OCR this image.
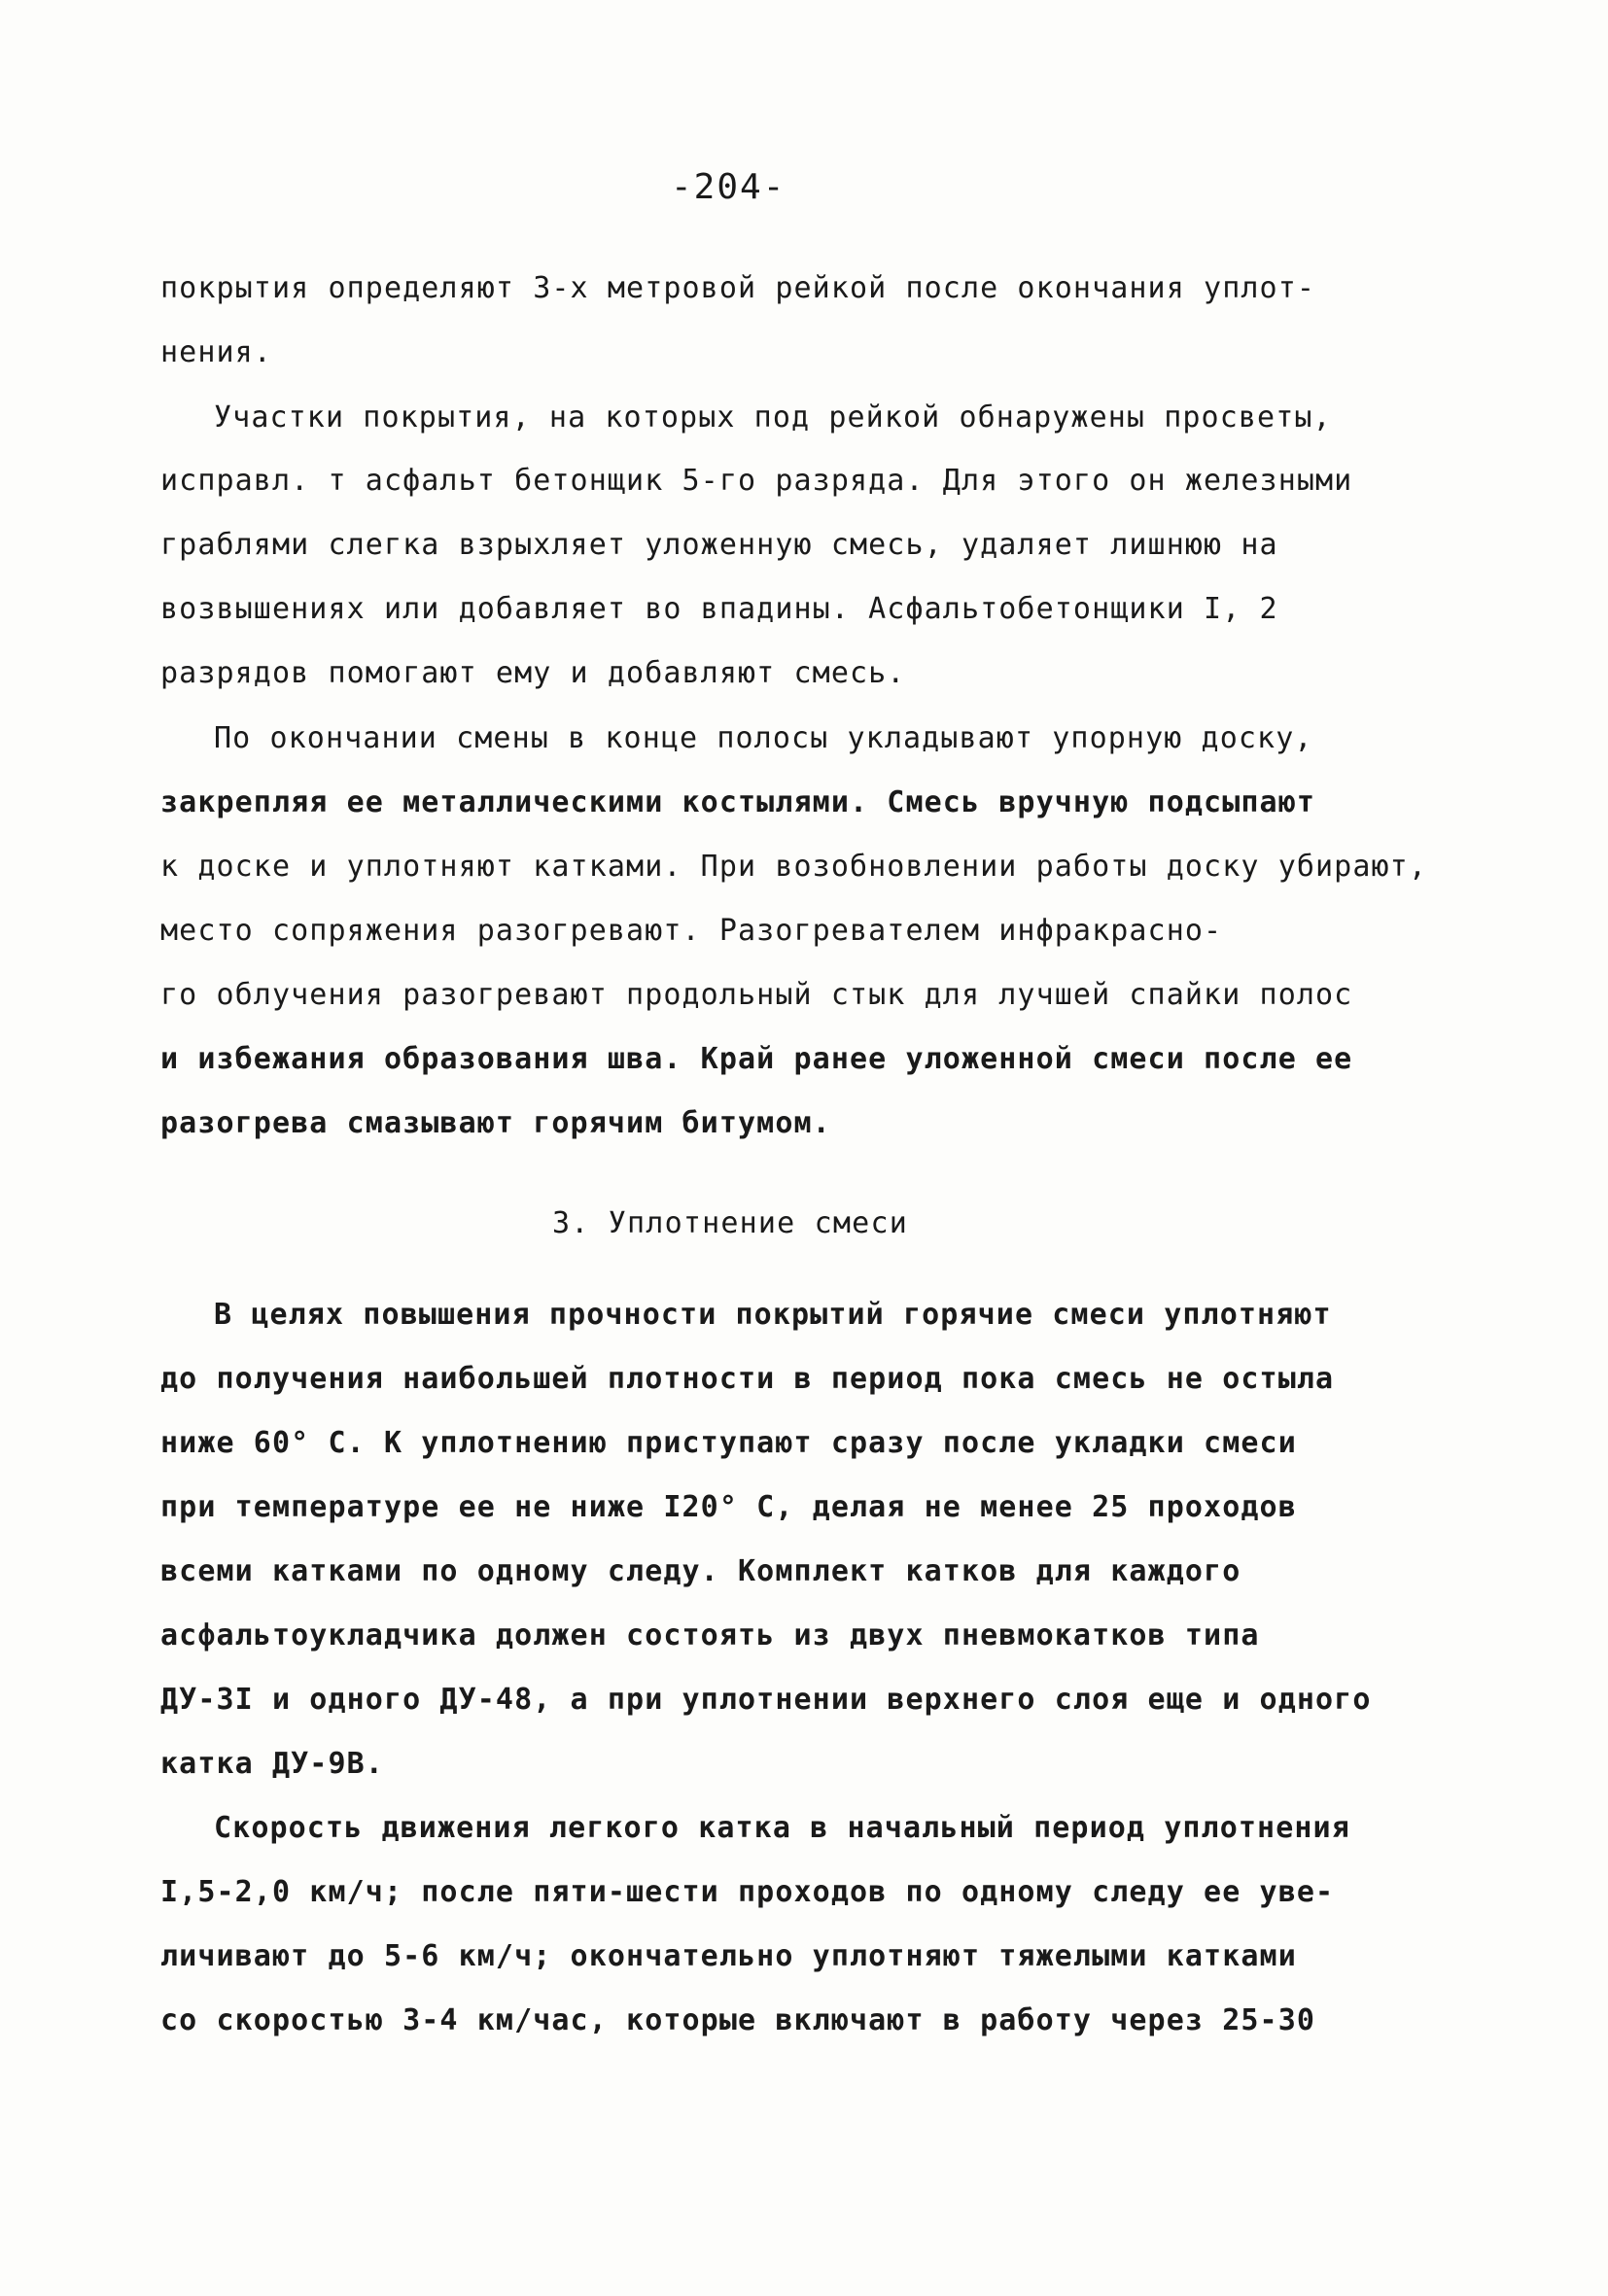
-204-
покрытия определяют 3-х метровой рейкой после окончания уплот-
нения.
Участки покрытия, на которых под рейкой обнаружены просветы,
исправл. т асфальт бетонщик 5-го разряда. Для этого он железными
граблями слегка взрыхляет уложенную смесь, удаляет лишнюю на
возвышениях или добавляет во впадины. Асфальтобетонщики I, 2
разрядов помогают ему и добавляют смесь.
По окончании смены в конце полосы укладывают упорную доску,
закрепляя ее металлическими костылями. Смесь вручную подсыпают
к доске и уплотняют катками. При возобновлении работы доску убирают,
место сопряжения разогревают. Разогревателем инфракрасно-
го облучения разогревают продольный стык для лучшей спайки полос
и избежания образования шва. Край ранее уложенной смеси после ее
разогрева смазывают горячим битумом.
3. Уплотнение смеси
В целях повышения прочности покрытий горячие смеси уплотняют
до получения наибольшей плотности в период пока смесь не остыла
ниже 60° С. К уплотнению приступают сразу после укладки смеси
при температуре ее не ниже I20° С, делая не менее 25 проходов
всеми катками по одному следу. Комплект катков для каждого
асфальтоукладчика должен состоять из двух пневмокатков типа
ДУ-3I и одного ДУ-48, а при уплотнении верхнего слоя еще и одного
катка ДУ-9В.
Скорость движения легкого катка в начальный период уплотнения
I,5-2,0 км/ч; после пяти-шести проходов по одному следу ее уве-
личивают до 5-6 км/ч; окончательно уплотняют тяжелыми катками
со скоростью 3-4 км/час, которые включают в работу через 25-30
